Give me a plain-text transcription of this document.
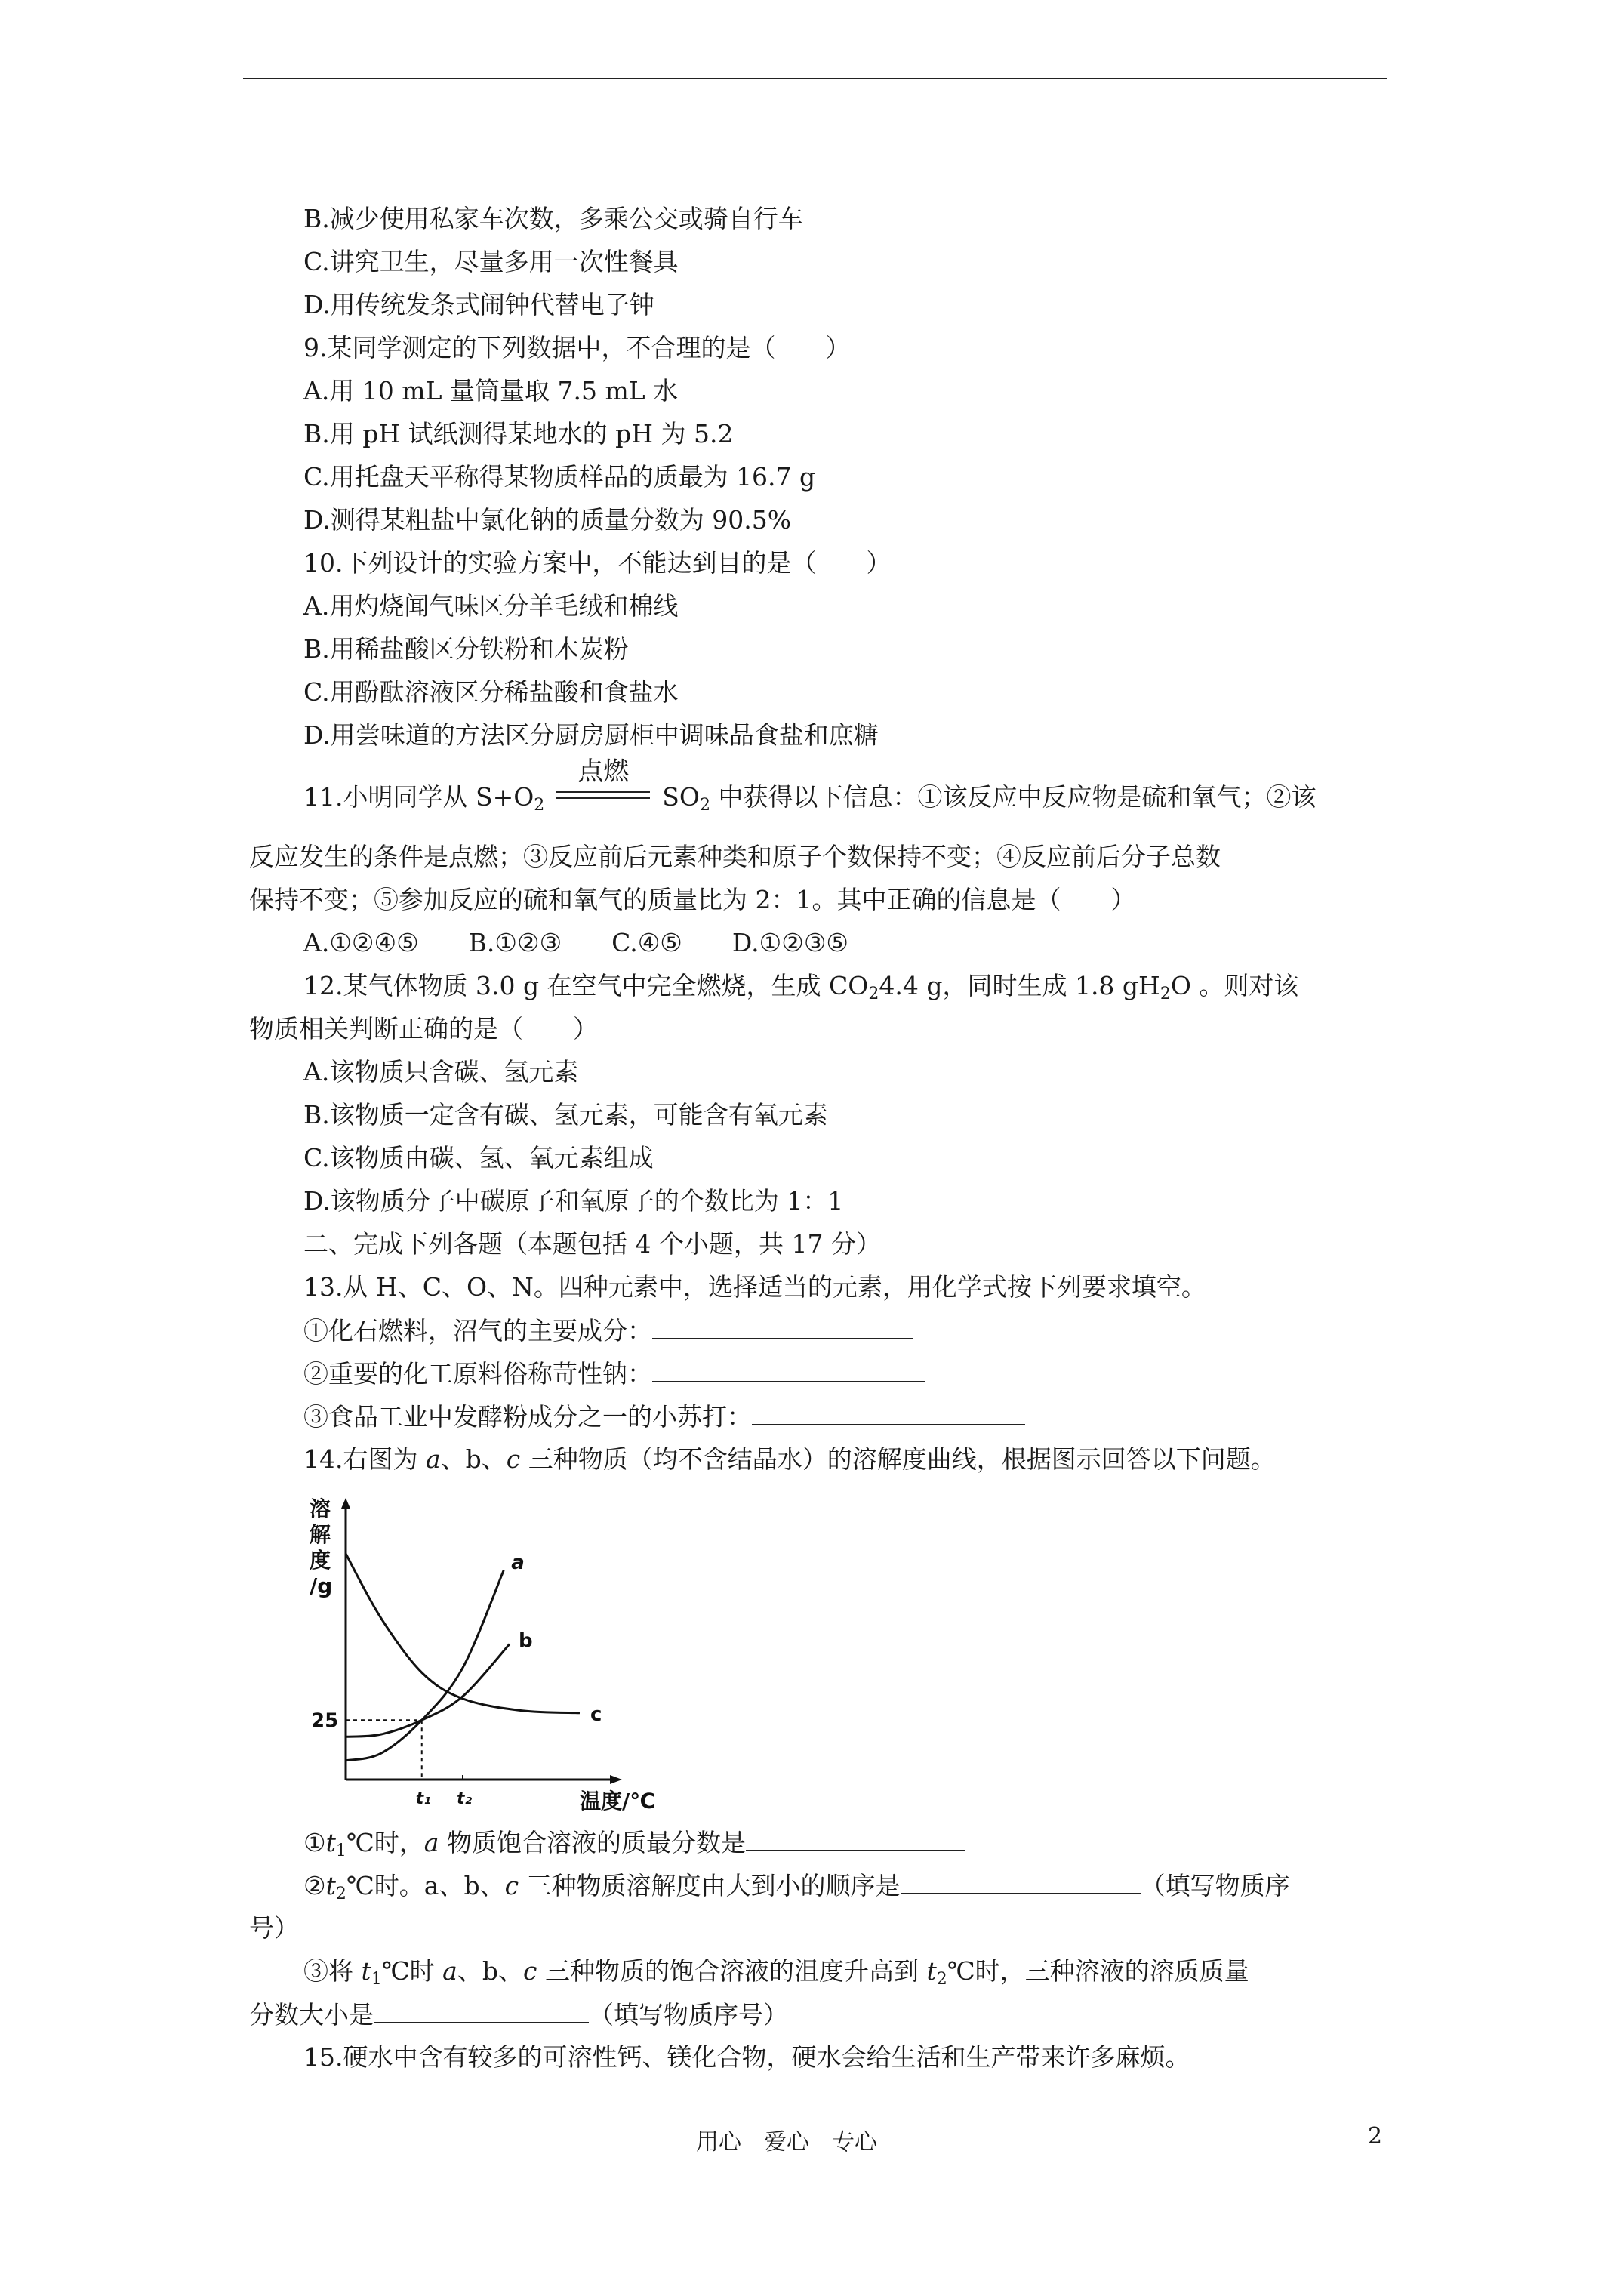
B.减少使用私家车次数，多乘公交或骑自行车
C.讲究卫生，尽量多用一次性餐具
D.用传统发条式闹钟代替电子钟
9.某同学测定的下列数据中，不合理的是（　　）
A.用 10 mL 量筒量取 7.5 mL 水
B.用 pH 试纸测得某地水的 pH 为 5.2
C.用托盘天平称得某物质样品的质最为 16.7 g
D.测得某粗盐中氯化钠的质量分数为 90.5%
10.下列设计的实验方案中，不能达到目的是（　　）
A.用灼烧闻气味区分羊毛绒和棉线
B.用稀盐酸区分铁粉和木炭粉
C.用酚酞溶液区分稀盐酸和食盐水
D.用尝味道的方法区分厨房厨柜中调味品食盐和庶糖
11.小明同学从 $S+O_2$
点燃
$SO_2$ 中获得以下信息：①该反应中反应物是硫和氧气；②该
反应发生的条件是点燃；③反应前后元素种类和原子个数保持不变；④反应前后分子总数
保持不变；⑤参加反应的硫和氧气的质量比为 2：1。其中正确的信息是（　　）
A.①②④⑤　　B.①②③　　C.④⑤　　D.①②③⑤
12.某气体物质 3.0 g 在空气中完全燃烧，生成 $CO_24.4$ g，同时生成 1.8 $gH_2O$ 。则对该
物质相关判断正确的是（　　）
A.该物质只含碳、氢元素
B.该物质一定含有碳、氢元素，可能含有氧元素
C.该物质由碳、氢、氧元素组成
D.该物质分子中碳原子和氧原子的个数比为 1：1
二、完成下列各题（本题包括 4 个小题，共 17 分）
13.从 H、C、O、N。四种元素中，选择适当的元素，用化学式按下列要求填空。
①化石燃料，沼气的主要成分：
②重要的化工原料俗称苛性钠：
③食品工业中发酵粉成分之一的小苏打：
14.右图为 a、b、c 三种物质（均不含结晶水）的溶解度曲线，根据图示回答以下问题。
溶
解
度
/g
25
t₁ t₂	温度/℃
a
b
c
$①t_1℃$时，a 物质饱合溶液的质最分数是
$②t_2℃$时。a、b、c 三种物质溶解度由大到小的顺序是	（填写物质序
号）
③将 $t_1℃$时 a、b、c 三种物质的饱合溶液的沮度升高到 $t_2℃$时，三种溶液的溶质质量
分数大小是	（填写物质序号）
15.硬水中含有较多的可溶性钙、镁化合物，硬水会给生活和生产带来许多麻烦。
用心　爱心　专心	2
